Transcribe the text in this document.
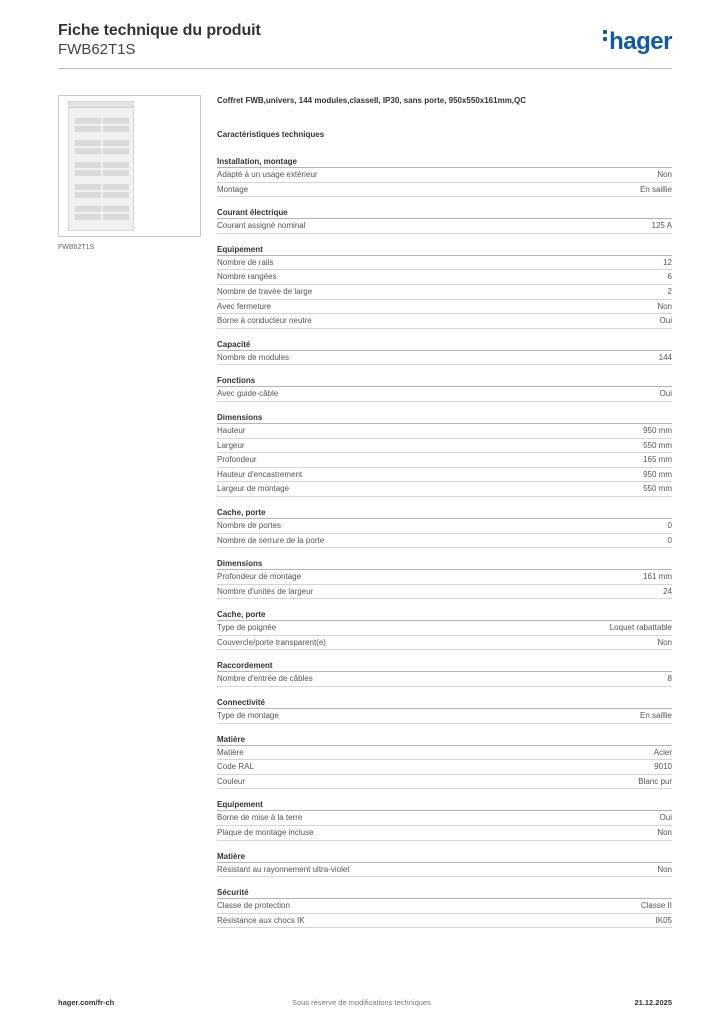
Fiche technique du produit
FWB62T1S	hager
FWB62T1S
Coffret FWB,univers, 144 modules,classeII, IP30, sans porte, 950x550x161mm,QC
Caractéristiques techniques
Installation, montage
Adapté à un usage extérieur	Non
Montage	En saillie
Courant électrique
Courant assigné nominal	125 A
Equipement
Nombre de rails	12
Nombre rangées	6
Nombre de travée de large	2
Avec fermeture	Non
Borne à conducteur neutre	Oui
Capacité
Nombre de modules	144
Fonctions
Avec guide-câble	Oui
Dimensions
Hauteur	950 mm
Largeur	550 mm
Profondeur	165 mm
Hauteur d'encastrement	950 mm
Largeur de montage	550 mm
Cache, porte
Nombre de portes	0
Nombre de serrure de la porte	0
Dimensions
Profondeur de montage	161 mm
Nombre d'unités de largeur	24
Cache, porte
Type de poignée	Loquet rabattable
Couvercle/porte transparent(e)	Non
Raccordement
Nombre d'entrée de câbles	8
Connectivité
Type de montage	En saillie
Matière
Matière	Acier
Code RAL	9010
Couleur	Blanc pur
Equipement
Borne de mise à la terre	Oui
Plaque de montage incluse	Non
Matière
Résistant au rayonnement ultra-violet	Non
Sécurité
Classe de protection	Classe II
Résistance aux chocs IK	IK05
hager.com/fr-ch	Sous réserve de modifications techniques	21.12.2025
